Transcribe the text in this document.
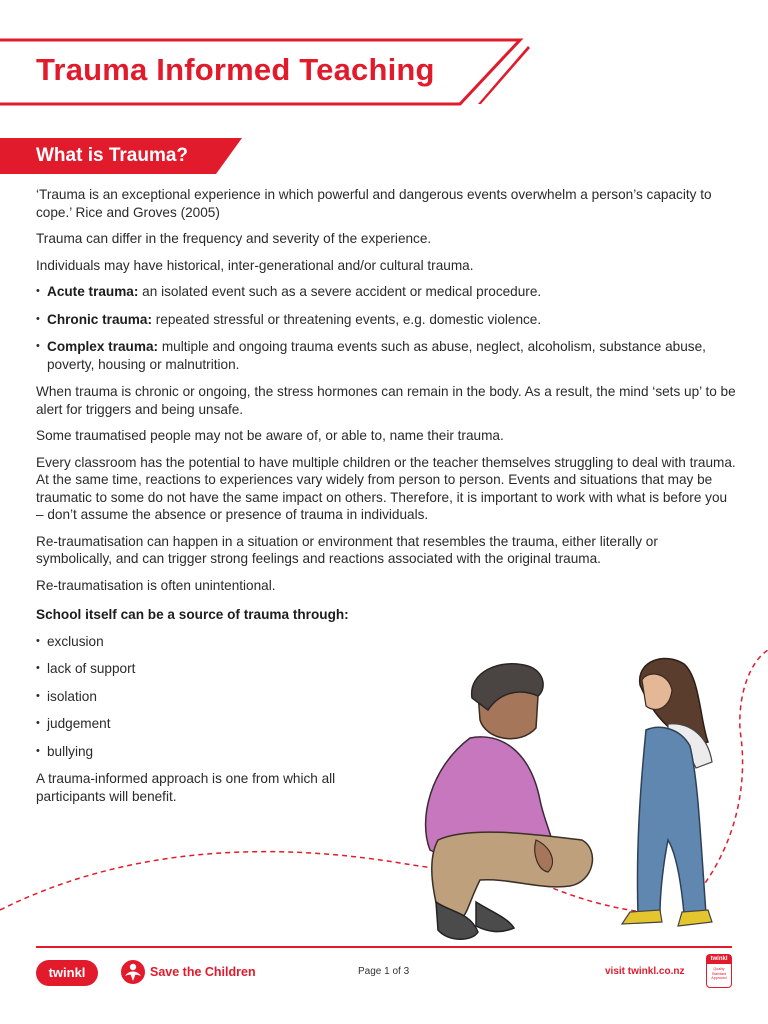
Trauma Informed Teaching
What is Trauma?

‘Trauma is an exceptional experience in which powerful and dangerous events overwhelm a person’s capacity to cope.’ Rice and Groves (2005)

Trauma can differ in the frequency and severity of the experience.

Individuals may have historical, inter-generational and/or cultural trauma.

• Acute trauma: an isolated event such as a severe accident or medical procedure.
• Chronic trauma: repeated stressful or threatening events, e.g. domestic violence.
• Complex trauma: multiple and ongoing trauma events such as abuse, neglect, alcoholism, substance abuse, poverty, housing or malnutrition.

When trauma is chronic or ongoing, the stress hormones can remain in the body. As a result, the mind ‘sets up’ to be alert for triggers and being unsafe.

Some traumatised people may not be aware of, or able to, name their trauma.

Every classroom has the potential to have multiple children or the teacher themselves struggling to deal with trauma. At the same time, reactions to experiences vary widely from person to person. Events and situations that may be traumatic to some do not have the same impact on others. Therefore, it is important to work with what is before you – don’t assume the absence or presence of trauma in individuals.

Re-traumatisation can happen in a situation or environment that resembles the trauma, either literally or symbolically, and can trigger strong feelings and reactions associated with the original trauma.

Re-traumatisation is often unintentional.

School itself can be a source of trauma through:

• exclusion
• lack of support
• isolation
• judgement
• bullying

A trauma-informed approach is one from which all participants will benefit.

twinkl	Save the Children	Page 1 of 3	visit twinkl.co.nz
twinkl
Quality Standard Approved
